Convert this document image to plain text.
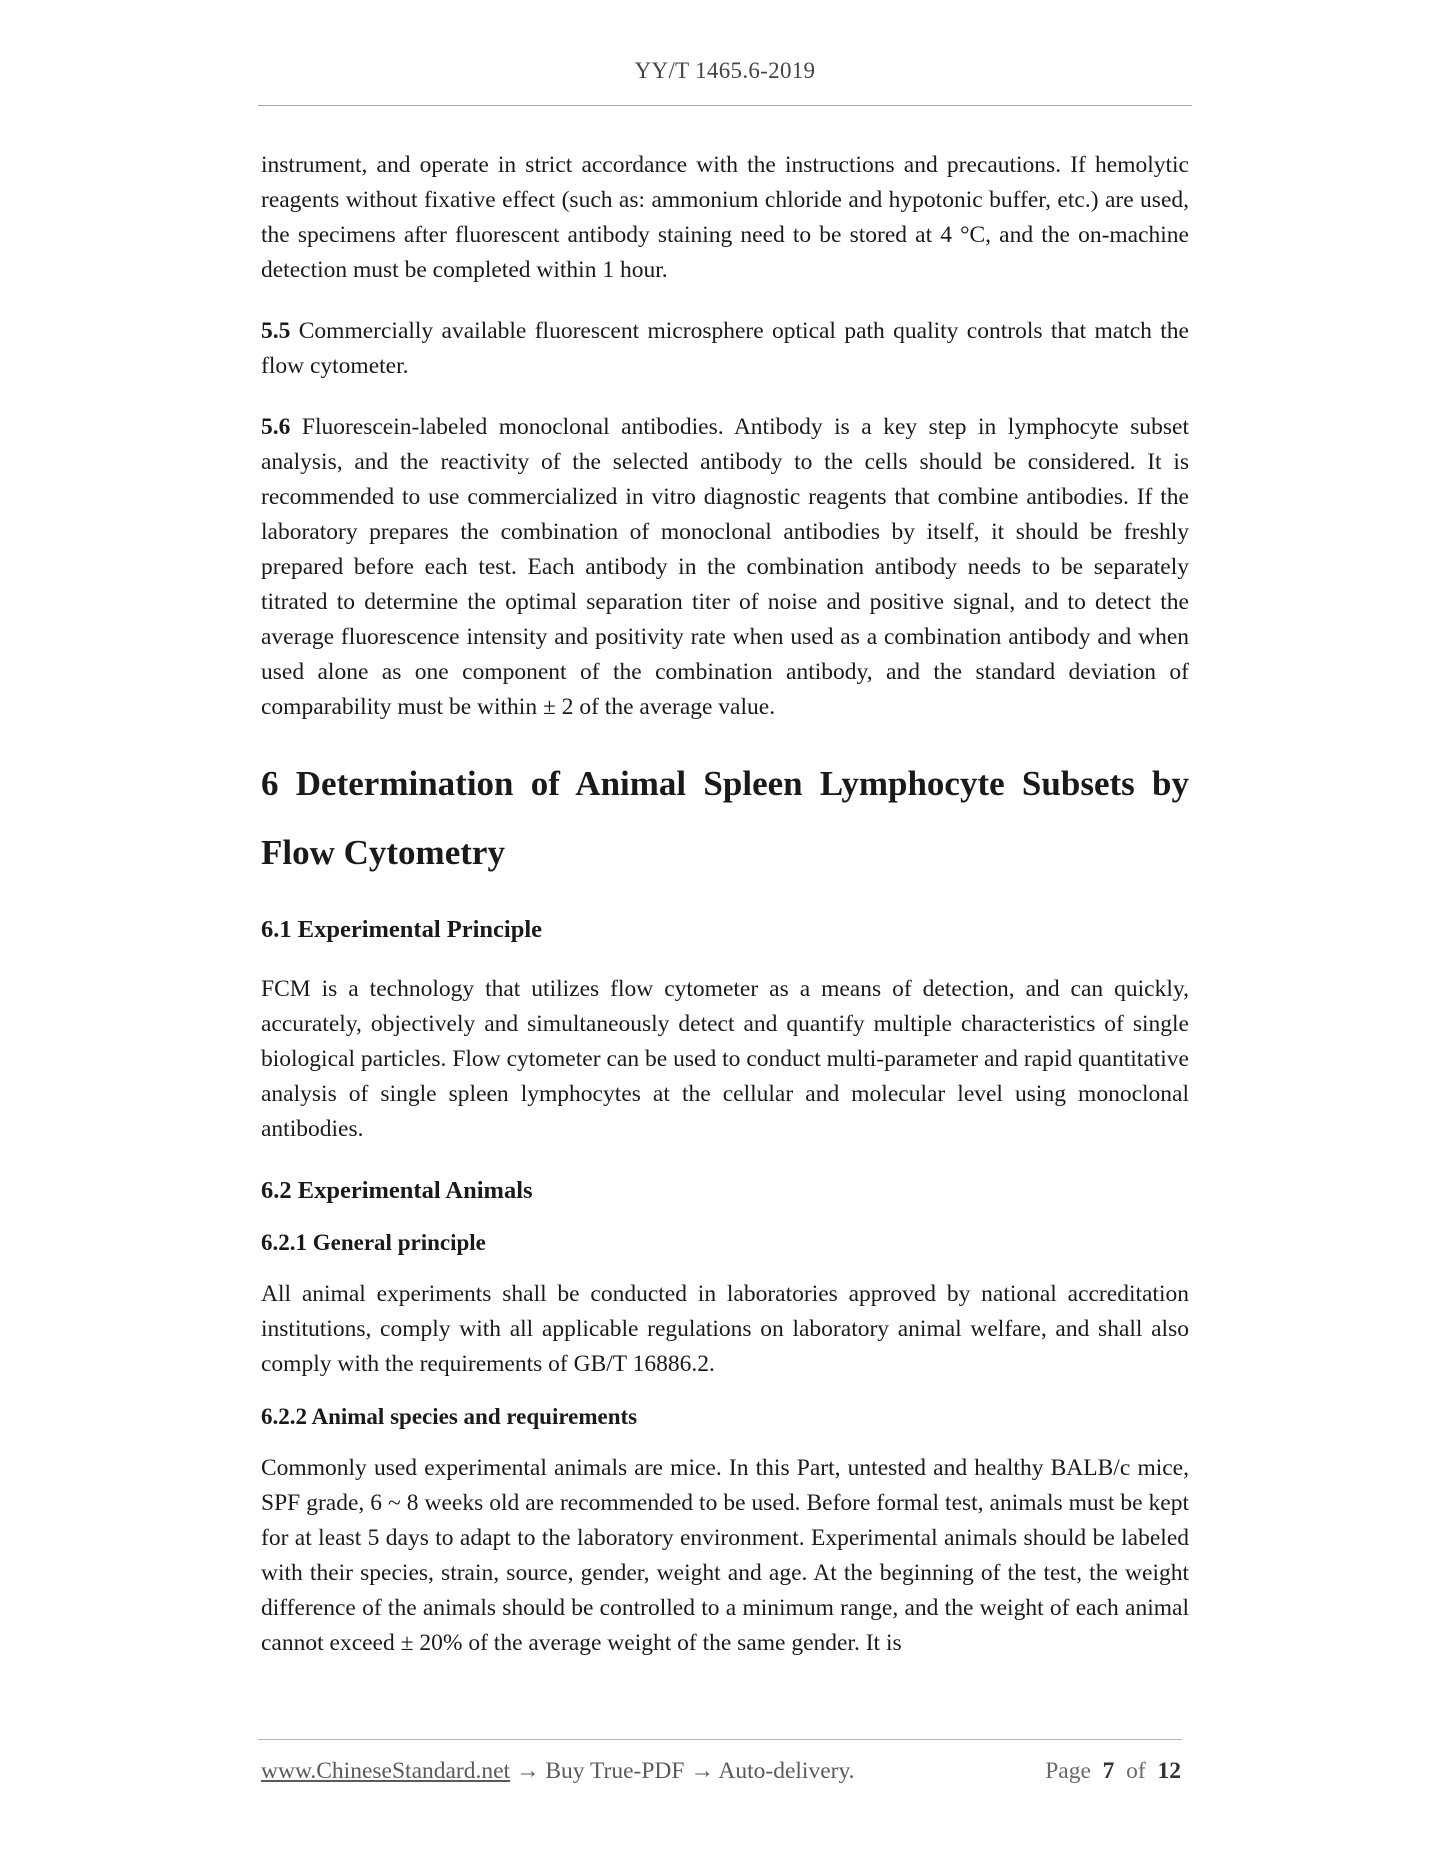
YY/T 1465.6-2019

instrument, and operate in strict accordance with the instructions and precautions. If hemolytic reagents without fixative effect (such as: ammonium chloride and hypotonic buffer, etc.) are used, the specimens after fluorescent antibody staining need to be stored at 4 °C, and the on-machine detection must be completed within 1 hour.

5.5 Commercially available fluorescent microsphere optical path quality controls that match the flow cytometer.

5.6 Fluorescein-labeled monoclonal antibodies. Antibody is a key step in lymphocyte subset analysis, and the reactivity of the selected antibody to the cells should be considered. It is recommended to use commercialized in vitro diagnostic reagents that combine antibodies. If the laboratory prepares the combination of monoclonal antibodies by itself, it should be freshly prepared before each test. Each antibody in the combination antibody needs to be separately titrated to determine the optimal separation titer of noise and positive signal, and to detect the average fluorescence intensity and positivity rate when used as a combination antibody and when used alone as one component of the combination antibody, and the standard deviation of comparability must be within ± 2 of the average value.

6 Determination of Animal Spleen Lymphocyte Subsets by Flow Cytometry
6.1 Experimental Principle

FCM is a technology that utilizes flow cytometer as a means of detection, and can quickly, accurately, objectively and simultaneously detect and quantify multiple characteristics of single biological particles. Flow cytometer can be used to conduct multi-parameter and rapid quantitative analysis of single spleen lymphocytes at the cellular and molecular level using monoclonal antibodies.

6.2 Experimental Animals
6.2.1 General principle

All animal experiments shall be conducted in laboratories approved by national accreditation institutions, comply with all applicable regulations on laboratory animal welfare, and shall also comply with the requirements of GB/T 16886.2.

6.2.2 Animal species and requirements

Commonly used experimental animals are mice. In this Part, untested and healthy BALB/c mice, SPF grade, 6 ~ 8 weeks old are recommended to be used. Before formal test, animals must be kept for at least 5 days to adapt to the laboratory environment. Experimental animals should be labeled with their species, strain, source, gender, weight and age. At the beginning of the test, the weight difference of the animals should be controlled to a minimum range, and the weight of each animal cannot exceed ± 20% of the average weight of the same gender. It is

www.ChineseStandard.net → Buy True-PDF → Auto-delivery.	Page 7 of 12
